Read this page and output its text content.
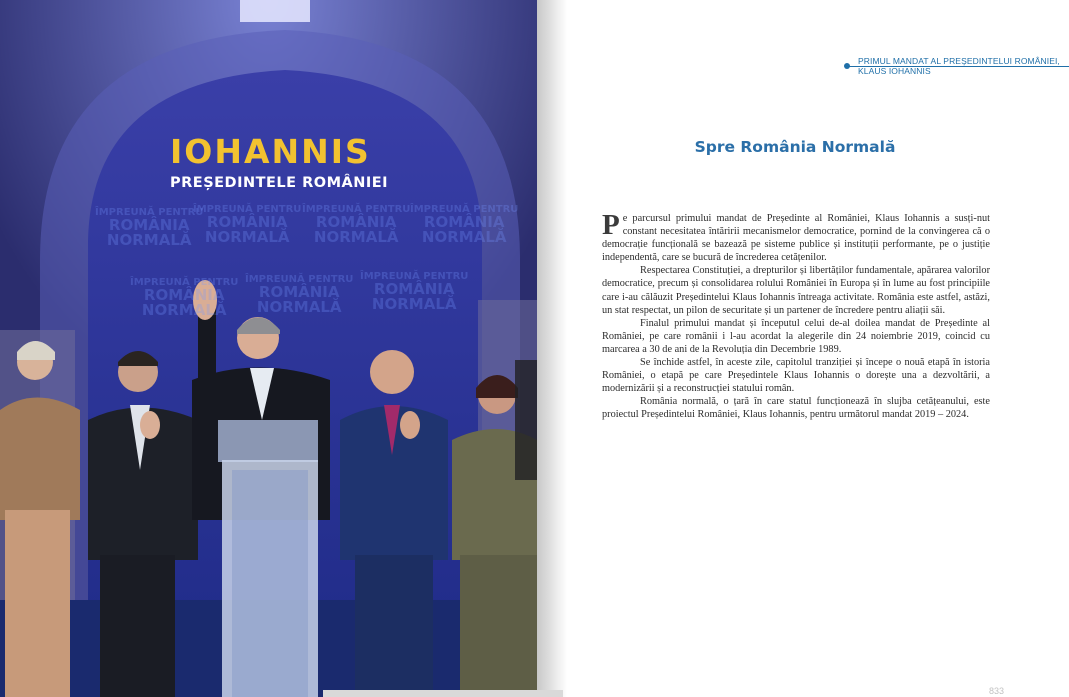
IOHANNIS
PREȘEDINTELE ROMÂNIEI
ÎMPREUNĂ PENTRU
ROMÂNIA
NORMALĂ
ÎMPREUNĂ PENTRU
ROMÂNIA
NORMALĂ
ÎMPREUNĂ PENTRU
ROMÂNIA
NORMALĂ
ÎMPREUNĂ PENTRU
ROMÂNIA
NORMALĂ
ÎMPREUNĂ PENTRU
ROMÂNIA
NORMALĂ
ÎMPREUNĂ PENTRU
ROMÂNIA
NORMALĂ
ÎMPREUNĂ PENTRU
ROMÂNIA
NORMALĂ
PRIMUL MANDAT AL PREȘEDINTELUI ROMÂNIEI,
KLAUS IOHANNIS
Spre România Normală

Pe parcursul primului mandat de Președinte al României, Klaus Iohannis a susți-nut constant necesitatea întăririi mecanismelor democratice, pornind de la convingerea că o democrație funcțională se bazează pe sisteme publice și instituții performante, pe o justiție independentă, care se bucură de încrederea cetățenilor.

Respectarea Constituției, a drepturilor și libertăților fundamentale, apărarea valorilor democratice, precum și consolidarea rolului României în Europa și în lume au fost principiile care i-au călăuzit Președintelui Klaus Iohannis întreaga activitate. România este astfel, astăzi, un stat respectat, un pilon de securitate și un partener de încredere pentru aliații săi.

Finalul primului mandat și începutul celui de-al doilea mandat de Președinte al României, pe care românii i l-au acordat la alegerile din 24 noiembrie 2019, coincid cu marcarea a 30 de ani de la Revoluția din Decembrie 1989.

Se închide astfel, în aceste zile, capitolul tranziției și începe o nouă etapă în istoria României, o etapă pe care Președintele Klaus Iohannis o dorește una a dezvoltării, a modernizării și a reconstrucției statului român.

România normală, o țară în care statul funcționează în slujba cetățeanului, este proiectul Președintelui României, Klaus Iohannis, pentru următorul mandat 2019 – 2024.

833
